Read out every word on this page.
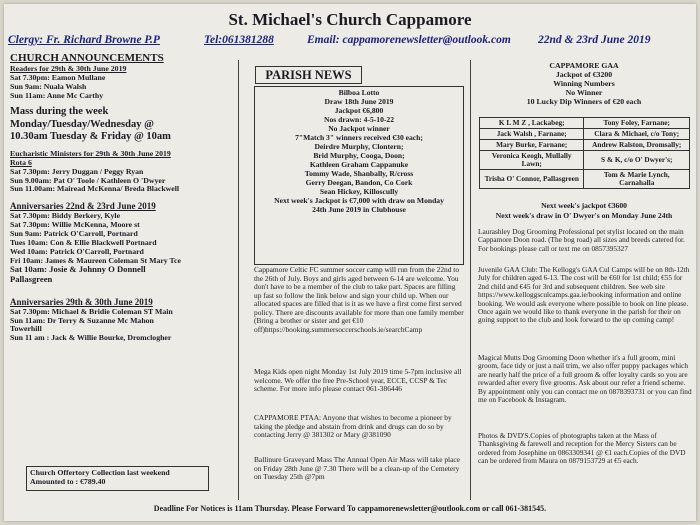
St. Michael's Church Cappamore
Clergy: Fr. Richard Browne P.P	Tel:061381288	Email: cappamorenewsletter@outlook.com 22nd & 23rd June 2019
CHURCH ANNOUNCEMENTS
Readers for 29th & 30th June 2019
Sat 7.30pm: Eamon Mullane
Sun 9am: Nuala Walsh
Sun 11am: Anne Mc Carthy
Mass during the week
Monday/Tuesday/Wednesday @
10.30am Tuesday & Friday @ 10am
Eucharistic Ministers for 29th & 30th June 2019
Rota 6
Sat 7.30pm: Jerry Duggan / Peggy Ryan
Sun 9.00am: Pat O' Toole / Kathleen O 'Dwyer
Sun 11.00am: Mairead McKenna/ Breda Blackwell
Anniversaries 22nd & 23rd June 2019
Sat 7.30pm: Biddy Berkery, Kyle
Sat 7.30pm: Willie McKenna, Moore st
Sun 9am: Patrick O'Carroll, Portnard
Tues 10am: Con & Ellie Blackwell Portnard
Wed 10am: Patrick O'Carroll, Portnard
Fri 10am: James & Maureen Coleman St Mary Tce
Sat 10am: Josie & Johnny O Donnell
Pallasgreen
Anniversaries 29th & 30th June 2019
Sat 7.30pm: Michael & Bridie Coleman ST Main
Sun 11am: Dr Terry & Suzanne Mc Mahon
Towerhill
Sun 11 am : Jack & Willie Bourke, Dromclogher
Church Offertory Collection last weekend
Amounted to : €789.40
PARISH NEWS
Bilboa Lotto
Draw 18th June 2019
Jackpot €6,800
Nos drawn: 4-5-10-22
No Jackpot winner
7"Match 3" winners received €30 each;
Deirdre Murphy, Clontern;
Brid Murphy, Cooga, Doon;
Kathleen Graham Cappanuke
Tommy Wade, Shanbally, R/cross
Gerry Deegan, Bandon, Co Cork
Sean Hickey, Killoscully
Next week's Jackpot is €7,000 with draw on Monday
24th June 2019 in Clubhouse
Cappamore Celtic FC summer soccer camp will run from the 22nd to the 26th of July. Boys and girls aged between 6-14 are welcome. You don't have to be a member of the club to take part. Spaces are filling up fast so follow the link below and sign your child up. When our allocated spaces are filled that is it as we have a first come first served policy. There are discounts available for more than one family member (Bring a brother or sister and get €10 off)https://booking.summersoccerschools.ie/searchCamp
Mega Kids open night Monday 1st July 2019 time 5-7pm inclusive all welcome. We offer the free Pre-School year, ECCE, CCSP & Tec scheme. For more info please contact 061-386446
CAPPAMORE PTAA: Anyone that wishes to become a pioneer by taking the pledge and abstain from drink and drugs can do so by contacting Jerry @ 381302 or Mary @381090
Ballinure Graveyard Mass The Annual Open Air Mass will take place on Friday 28th June @ 7.30 There will be a clean-up of the Cemetery on Tuesday 25th @7pm
CAPPAMORE GAA
Jackpot of €3200
Winning Numbers
No Winner
10 Lucky Dip Winners of €20 each
K L M Z , Lackabeg;	Tony Foley, Farnane;
Jack Walsh , Farnane;	Clara & Michael, c/o Tony;
Mary Burke, Farnane;	Andrew Ralston, Dromsally;
Veronica Keogh, Mullally Lawn;	S & K, c/o O' Dwyer's;
Trisha O' Connor, Pallasgreen	Tom & Marie Lynch, Carnahalla
Next week's jackpot €3600
Next week's draw in O' Dwyer's on Monday June 24th
Laurashley Dog Grooming Professional pet stylist located on the main Cappamore Doon road. (The bog road) all sizes and breeds catered for. For bookings please call or text me on 0857395327
Juvenile GAA Club: The Kellogg's GAA Cul Camps will be on 8th-12th July for children aged 6-13. The cost will be €60 for 1st child; €55 for 2nd child and €45 for 3rd and subsequent children. See web site https://www.kelloggsculcamps.gaa.ie/booking information and online booking. We would ask everyone where possible to book on line please. Once again we would like to thank everyone in the parish for their on going support to the club and look forward to the up coming camp!
Magical Mutts Dog Grooming Doon whether it's a full groom, mini groom, face tidy or just a nail trim, we also offer puppy packages which are nearly half the price of a full groom & offer loyalty cards so you are rewarded after every five grooms. Ask about our refer a friend scheme. By appointment only you can contact me on 0878393731 or you can find me on Facebook & Instagram.
Photos & DVD'S.Copies of photographs taken at the Mass of Thanksgiving & farewell and reception for the Mercy Sisters can be ordered from Josephine on 0863309341 @ €1 each.Copies of the DVD can be ordered from Maura on 0879153729 at €5 each.
Deadline For Notices is 11am Thursday. Please Forward To cappamorenewsletter@outlook.com or call 061-381545.
